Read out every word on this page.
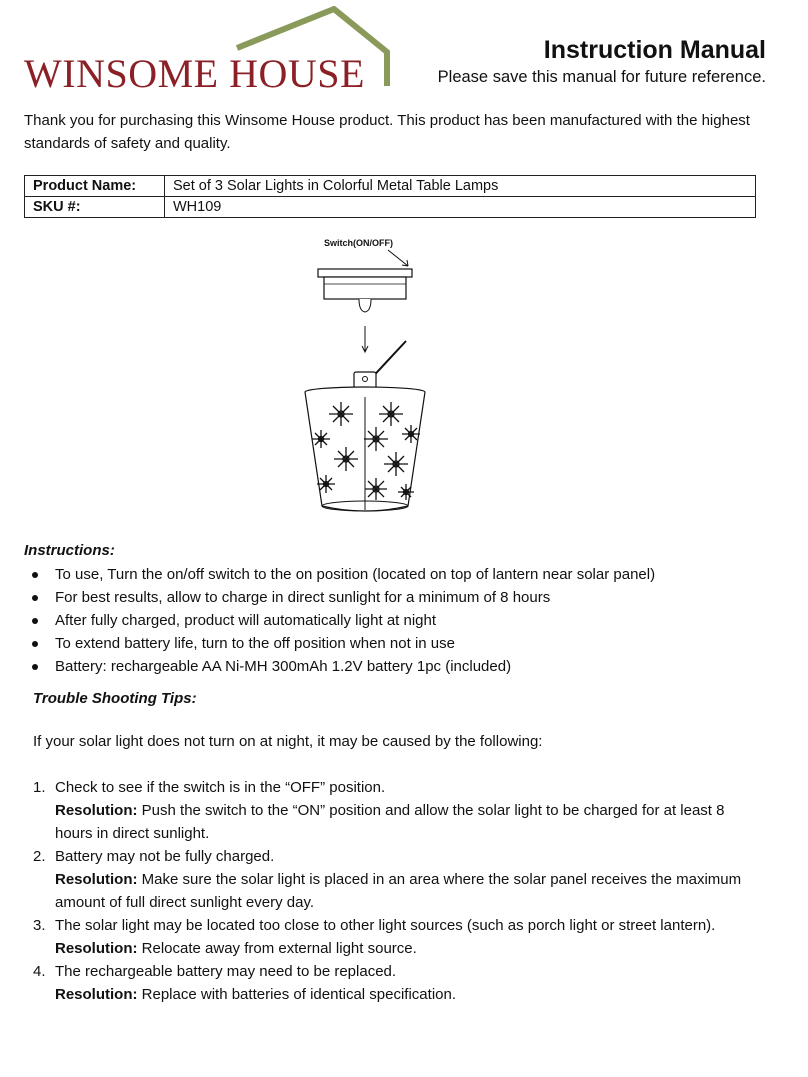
WINSOME HOUSE
Instruction Manual
Please save this manual for future reference.
Thank you for purchasing this Winsome House product. This product has been manufactured with the highest standards of safety and quality.
Product Name:	Set of 3 Solar Lights in Colorful Metal Table Lamps
SKU #:	WH109
Switch(ON/OFF)
Instructions:
To use, Turn the on/off switch to the on position (located on top of lantern near solar panel)
For best results, allow to charge in direct sunlight for a minimum of 8 hours
After fully charged, product will automatically light at night
To extend battery life, turn to the off position when not in use
Battery: rechargeable AA Ni-MH 300mAh 1.2V battery 1pc (included)
Trouble Shooting Tips:
If your solar light does not turn on at night, it may be caused by the following:
1. Check to see if the switch is in the “OFF” position.
Resolution: Push the switch to the “ON” position and allow the solar light to be charged for at least 8 hours in direct sunlight.
2. Battery may not be fully charged.
Resolution: Make sure the solar light is placed in an area where the solar panel receives the maximum amount of full direct sunlight every day.
3. The solar light may be located too close to other light sources (such as porch light or street lantern).
Resolution: Relocate away from external light source.
4. The rechargeable battery may need to be replaced.
Resolution: Replace with batteries of identical specification.
